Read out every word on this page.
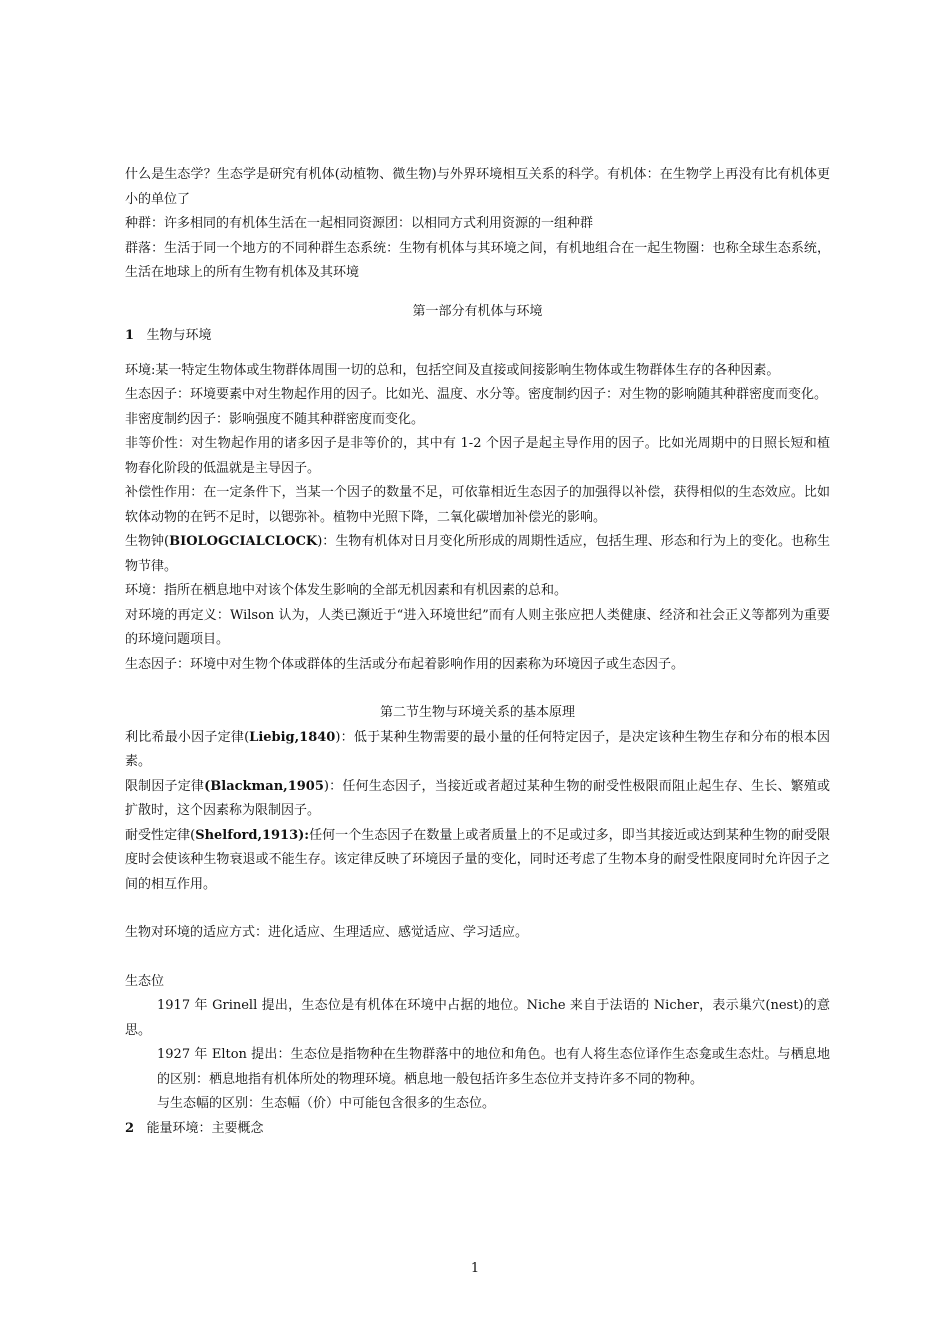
什么是生态学？生态学是研究有机体(动植物、微生物)与外界环境相互关系的科学。有机体：在生物学上再没有比有机体更小的单位了

种群：许多相同的有机体生活在一起相同资源团：以相同方式利用资源的一组种群

群落：生活于同一个地方的不同种群生态系统：生物有机体与其环境之间，有机地组合在一起生物圈：也称全球生态系统，生活在地球上的所有生物有机体及其环境

第一部分有机体与环境

1 生物与环境

环境:某一特定生物体或生物群体周围一切的总和，包括空间及直接或间接影响生物体或生物群体生存的各种因素。

生态因子：环境要素中对生物起作用的因子。比如光、温度、水分等。密度制约因子：对生物的影响随其种群密度而变化。

非密度制约因子：影响强度不随其种群密度而变化。

非等价性：对生物起作用的诸多因子是非等价的，其中有 1-2 个因子是起主导作用的因子。比如光周期中的日照长短和植物春化阶段的低温就是主导因子。

补偿性作用：在一定条件下，当某一个因子的数量不足，可依靠相近生态因子的加强得以补偿，获得相似的生态效应。比如软体动物的在钙不足时，以锶弥补。植物中光照下降，二氧化碳增加补偿光的影响。

生物钟(BIOLOGCIALCLOCK)：生物有机体对日月变化所形成的周期性适应，包括生理、形态和行为上的变化。也称生物节律。

环境：指所在栖息地中对该个体发生影响的全部无机因素和有机因素的总和。

对环境的再定义：Wilson 认为，人类已濒近于“进入环境世纪”而有人则主张应把人类健康、经济和社会正义等都列为重要的环境问题项目。

生态因子：环境中对生物个体或群体的生活或分布起着影响作用的因素称为环境因子或生态因子。

第二节生物与环境关系的基本原理

利比希最小因子定律(Liebig,1840)：低于某种生物需要的最小量的任何特定因子，是决定该种生物生存和分布的根本因素。

限制因子定律(Blackman,1905)：任何生态因子，当接近或者超过某种生物的耐受性极限而阻止起生存、生长、繁殖或扩散时，这个因素称为限制因子。

耐受性定律(Shelford,1913):任何一个生态因子在数量上或者质量上的不足或过多，即当其接近或达到某种生物的耐受限度时会使该种生物衰退或不能生存。该定律反映了环境因子量的变化，同时还考虑了生物本身的耐受性限度同时允许因子之间的相互作用。

生物对环境的适应方式：进化适应、生理适应、感觉适应、学习适应。

生态位

1917 年 Grinell 提出，生态位是有机体在环境中占据的地位。Niche 来自于法语的 Nicher，表示巢穴(nest)的意思。

1927 年 Elton 提出：生态位是指物种在生物群落中的地位和角色。也有人将生态位译作生态龛或生态灶。与栖息地的区别：栖息地指有机体所处的物理环境。栖息地一般包括许多生态位并支持许多不同的物种。

与生态幅的区别：生态幅（价）中可能包含很多的生态位。

2 能量环境：主要概念

1
